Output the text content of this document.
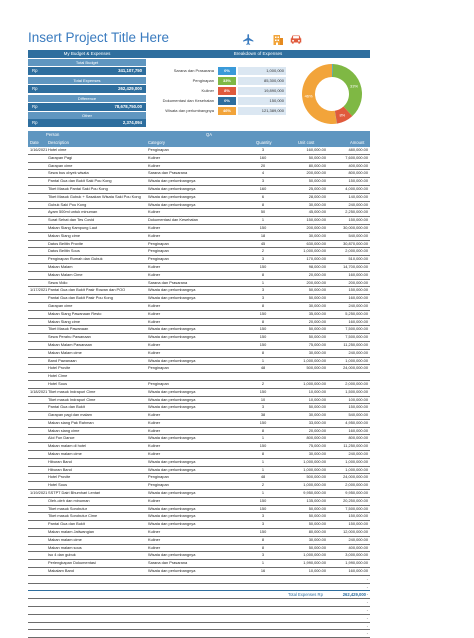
Insert Project Title Here
My Budget & Expenses	Breakdown of Expenses
Total Budget
Rp	341,107,750
Total Expenses
Rp	262,429,000
Difference
Rp	78,678,750.00
Other
Rp	2,374,094
Sarana dan Prasarana	0%	1,000,000
Penginapan	33%	85,300,000
Kuliner	8%	19,890,000
Dokumentasi dan Kesehatan	0%	150,000
Wisata dan perlumbangnya	46%	121,389,000
33%
8%
46%
Person	QA
Date Description	Category	Quantity	Unit cost	Amount
1/16/2021 Hotel cime	Penginapan	3	160,000.00	480,000.00
Garapan Pagi	Kuliner	160	50,000.00	7,600,000.00
Garapan cime	Kuliner	20	80,000.00	400,000.00
Sewa bus obyek wisata	Sarana dan Prasarana	4	200,000.00	800,000.00
Pantai Gua dan Bukit Saki Pou Kong	Wisata dan perlumbangnya	3	50,000.00	150,000.00
Tiket Masuk Pantai Saki Pou Kong	Wisata dan perlumbangnya	160	25,000.00	4,000,000.00
Tiket Masuk Gubuk + Sasakan Wisata Saki Pou Kong	Wisata dan perlumbangnya	6	28,000.00	140,000.00
Gubuk Saki Pou Kong	Wisata dan perlumbangnya	8	30,000.00	240,000.00
Ayam 500ml untuk minuman	Kuliner	50	45,000.00	2,250,000.00
Surat Sehat dan Tes Covid	Dokumentasi dan Kesehatan	1	150,000.00	150,000.00
Makan Siang Kampung Laut	Kuliner	150	200,000.00	30,000,000.00
Makan Siang cime	Kuliner	18	30,000.00	540,000.00
Datos Belitin Provite	Penginapan	45	630,000.00	30,870,000.00
Datos Belitin Sous	Penginapan	2	1,000,000.00	2,000,000.00
Penginapan Rumah dan Gubuk	Penginapan	3	170,000.00	510,000.00
Makan Malam	Kuliner	150	98,000.00	14,700,000.00
Makan Malam Cime	Kuliner	8	20,000.00	160,000.00
Sewa Vidio	Sarana dan Prasarana	1	200,000.00	200,000.00
1/17/2021 Pantai Gua dan Bukit Pasir Rowan dan POO	Wisata dan perlumbangnya	3	50,000.00	150,000.00
Pantai Gua dan Bukit Pasir Pou Kong	Wisata dan perlumbangnya	3	50,000.00	160,000.00
Garapan cime	Kuliner	8	30,000.00	240,000.00
Makan Siang Pawanaan Resto	Kuliner	150	35,000.00	5,250,000.00
Makan Siang cime	Kuliner	8	20,000.00	160,000.00
Tiket Masuk Pawanaan	Wisata dan perlumbangnya	150	50,000.00	7,500,000.00
Sewa Perahu Pawanaan	Wisata dan perlumbangnya	150	50,000.00	7,500,000.00
Makan Malam Pawanaan	Kuliner	150	75,000.00	11,250,000.00
Makan Malam cime	Kuliner	8	30,000.00	240,000.00
Band Pawanaan	Wisata dan perlumbangnya	1	1,000,000.00	1,000,000.00
Hotel Provite	Penginapan	48	500,000.00	24,000,000.00
Hotel Cime
Hotel Sous	Penginapan	2	1,000,000.00	2,000,000.00
1/18/2021 Tiket masuk Indrapuri Cime	Wisata dan perlumbangnya	150	10,000.00	1,500,000.00
Tiket masuk Indrapuri Cime	Wisata dan perlumbangnya	10	10,000.00	100,000.00
Pantai Gua dan Bukit	Wisata dan perlumbangnya	3	50,000.00	150,000.00
Garapan pagi dan malam	Kuliner	38	30,000.00	540,000.00
Makan siang Pak Rahman	Kuliner	150	33,000.00	4,950,000.00
Makan siang cime	Kuliner	8	20,000.00	160,000.00
Aloi Fun Dance	Wisata dan perlumbangnya	1	800,000.00	800,000.00
Makan malam di hotel	Kuliner	150	75,000.00	11,250,000.00
Makan malam cime	Kuliner	8	30,000.00	240,000.00
Hiburan Band	Wisata dan perlumbangnya	1	1,000,000.00	1,000,000.00
Hiburan Band	Wisata dan perlumbangnya	1	1,000,000.00	1,000,000.00
Hotel Provite	Penginapan	48	500,000.00	24,000,000.00
Hotel Sous	Penginapan	2	1,000,000.00	2,000,000.00
1/19/2021 SSTPT Dairi Bhumhari Lentari	Wisata dan perlumbangnya	1	9,950,000.00	9,950,000.00
Oleh-oleh dan minuman	Kuliner	150	135,000.00	20,250,000.00
Tiket masuk Sorobutur	Wisata dan perlumbangnya	150	50,000.00	7,500,000.00
Tiket masuk Sorobutur Cime	Wisata dan perlumbangnya	3	50,000.00	150,000.00
Pantai Gua dan Bukit	Wisata dan perlumbangnya	3	50,000.00	150,000.00
Makan malam Jatiwangian	Kuliner	150	80,000.00	12,000,000.00
Makan malam cime	Kuliner	8	30,000.00	240,000.00
Makan malam sous	Kuliner	8	50,000.00	400,000.00
Iso 4 dan gubuk	Wisata dan perlumbangnya	3	1,000,000.00	3,000,000.00
Perlengkapan Dokumentasi	Sarana dan Prasarana	1	1,990,000.00	1,990,000.00
Makalam Band	Wisata dan perlumbangnya	16	10,000.00	160,000.00
-
-
-
-
-
-
-
-
Total Expenses Rp	262,429,000
